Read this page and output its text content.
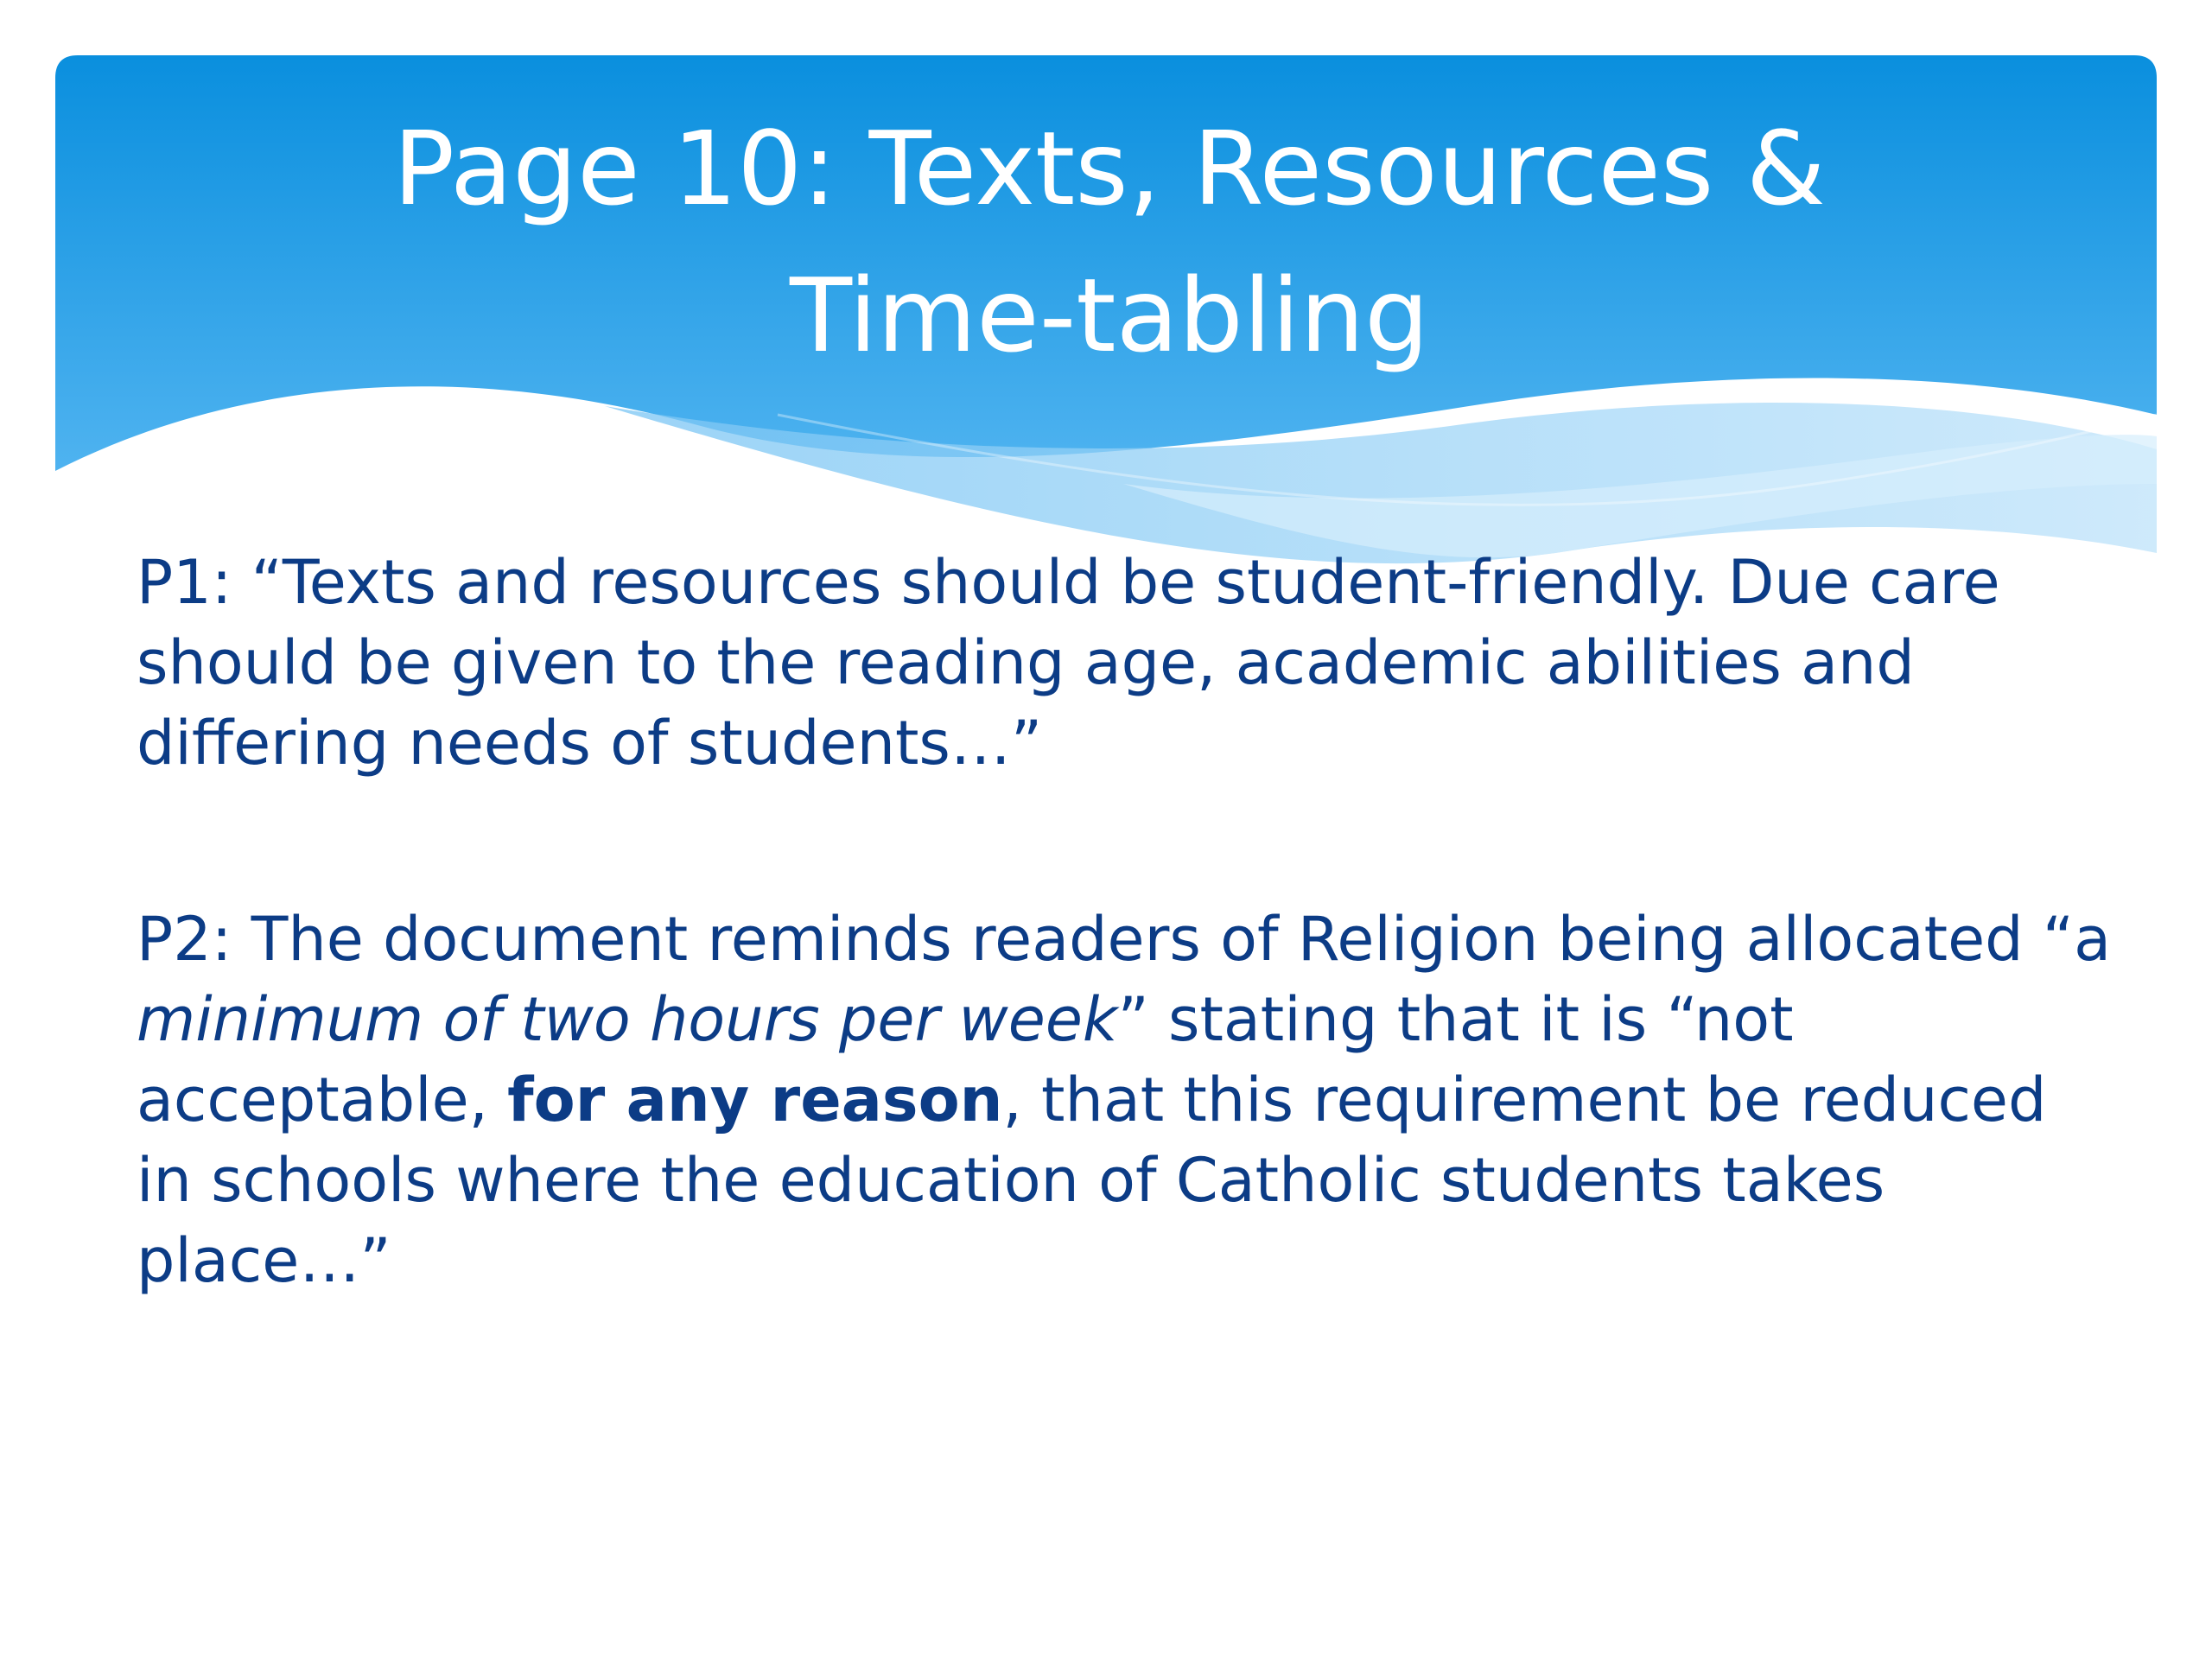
Page 10: Texts, Resources &
Time-tabling

P1: “Texts and resources should be student-friendly. Due care should be given to the reading age, academic abilities and differing needs of students…”

P2: The document reminds readers of Religion being allocated “a minimum of two hours per week” stating that it is “not acceptable, for any reason, that this requirement be reduced in schools where the education of Catholic students takes place…”
